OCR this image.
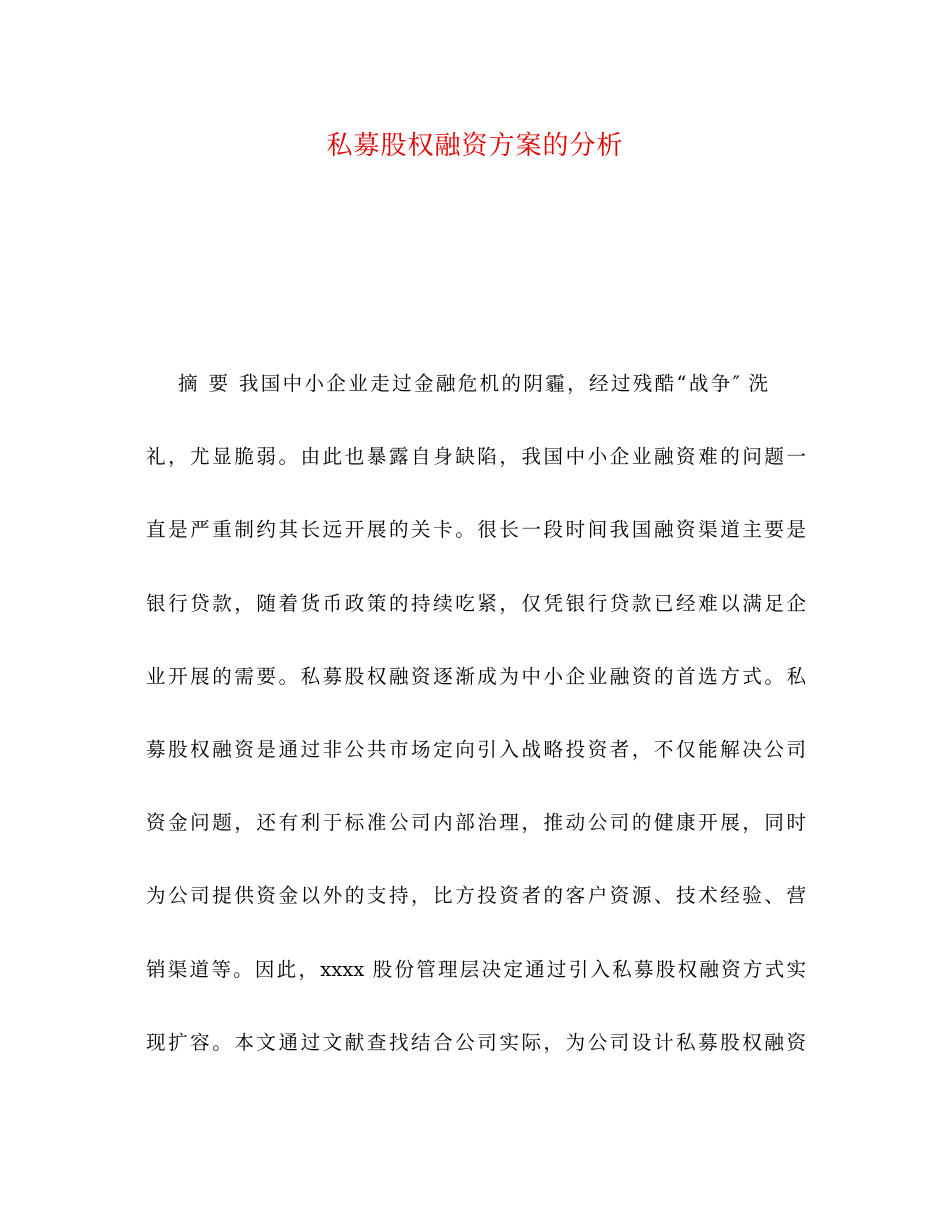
私募股权融资方案的分析
摘 要 我国中小企业走过金融危机的阴霾，经过残酷“战争″ 洗
礼，尤显脆弱。由此也暴露自身缺陷，我国中小企业融资难的问题一
直是严重制约其长远开展的关卡。很长一段时间我国融资渠道主要是
银行贷款，随着货币政策的持续吃紧，仅凭银行贷款已经难以满足企
业开展的需要。私募股权融资逐渐成为中小企业融资的首选方式。私
募股权融资是通过非公共市场定向引入战略投资者，不仅能解决公司
资金问题，还有利于标准公司内部治理，推动公司的健康开展，同时
为公司提供资金以外的支持，比方投资者的客户资源、技术经验、营
销渠道等。因此，xxxx 股份管理层决定通过引入私募股权融资方式实
现扩容。本文通过文献查找结合公司实际，为公司设计私募股权融资
